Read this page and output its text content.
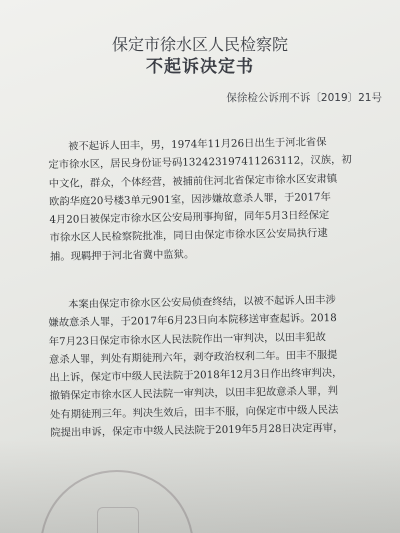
保定市徐水区人民检察院
不起诉决定书
保徐检公诉刑不诉〔2019〕21号
被不起诉人田丰，男，1974年11月26日出生于河北省保
定市徐水区，居民身份证号码132423197411263112，汉族，初
中文化，群众，个体经营，被捕前住河北省保定市徐水区安肃镇
欧韵华庭20号楼3单元901室，因涉嫌故意杀人罪，于2017年
4月20日被保定市徐水区公安局刑事拘留，同年5月3日经保定
市徐水区人民检察院批准，同日由保定市徐水区公安局执行逮
捕。现羁押于河北省冀中监狱。
本案由保定市徐水区公安局侦查终结，以被不起诉人田丰涉
嫌故意杀人罪，于2017年6月23日向本院移送审查起诉。2018
年7月23日保定市徐水区人民法院作出一审判决，以田丰犯故
意杀人罪，判处有期徒刑六年，剥夺政治权利二年。田丰不服提
出上诉，保定市中级人民法院于2018年12月3日作出终审判决，
撤销保定市徐水区人民法院一审判决，以田丰犯故意杀人罪，判
处有期徒刑三年。判决生效后，田丰不服，向保定市中级人民法
院提出申诉，保定市中级人民法院于2019年5月28日决定再审，
